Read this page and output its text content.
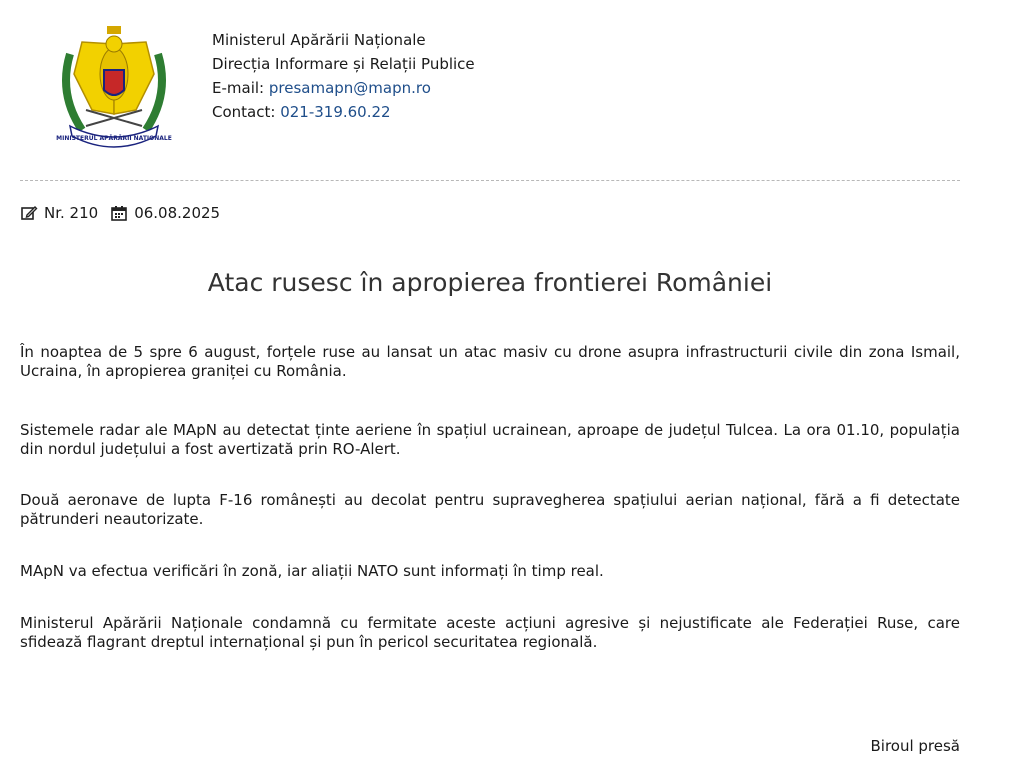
MINISTERUL APĂRĂRII NAȚIONALE
Ministerul Apărării Naționale
Direcția Informare și Relații Publice
E-mail: presamapn@mapn.ro
Contact: 021-319.60.22
Nr. 210 06.08.2025
Atac rusesc în apropierea frontierei României
În noaptea de 5 spre 6 august, forțele ruse au lansat un atac masiv cu drone asupra infrastructurii civile din zona Ismail, Ucraina, în apropierea graniței cu România.
Sistemele radar ale MApN au detectat ținte aeriene în spațiul ucrainean, aproape de județul Tulcea. La ora 01.10, populația din nordul județului a fost avertizată prin RO-Alert.
Două aeronave de lupta F-16 românești au decolat pentru supravegherea spațiului aerian național, fără a fi detectate pătrunderi neautorizate.
MApN va efectua verificări în zonă, iar aliații NATO sunt informați în timp real.
Ministerul Apărării Naționale condamnă cu fermitate aceste acțiuni agresive și nejustificate ale Federației Ruse, care sfidează flagrant dreptul internațional și pun în pericol securitatea regională.
Biroul presă
